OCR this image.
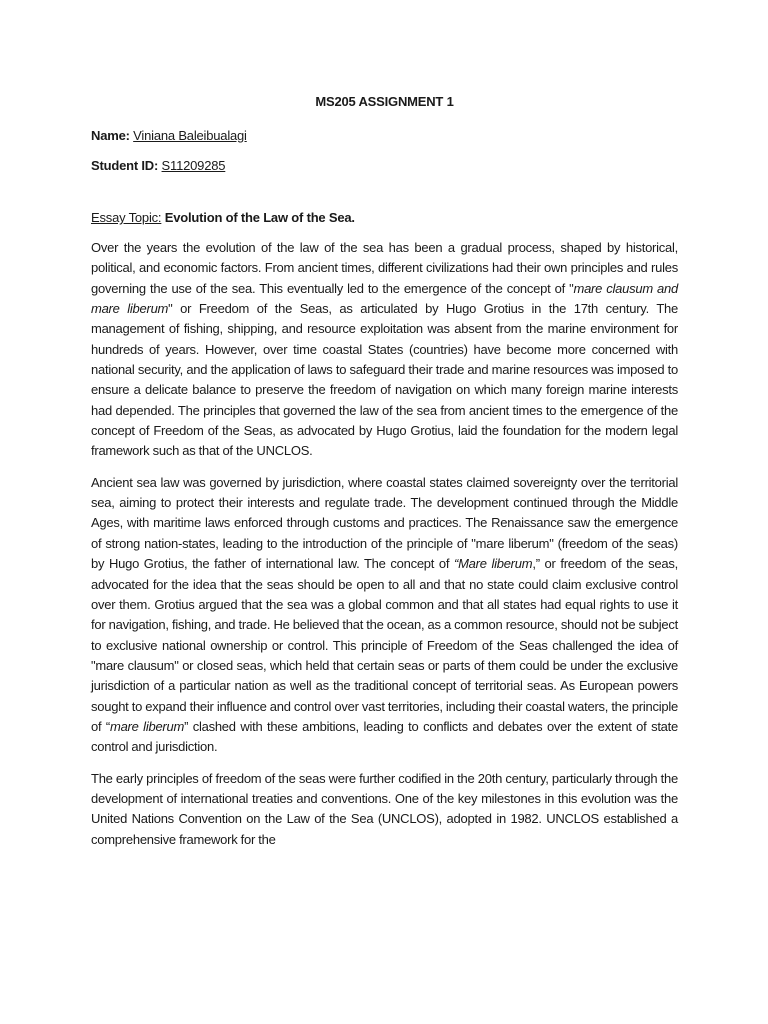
MS205 ASSIGNMENT 1
Name: Viniana Baleibualagi
Student ID: S11209285
Essay Topic: Evolution of the Law of the Sea.

Over the years the evolution of the law of the sea has been a gradual process, shaped by historical, political, and economic factors. From ancient times, different civilizations had their own principles and rules governing the use of the sea. This eventually led to the emergence of the concept of "mare clausum and mare liberum" or Freedom of the Seas, as articulated by Hugo Grotius in the 17th century. The management of fishing, shipping, and resource exploitation was absent from the marine environment for hundreds of years. However, over time coastal States (countries) have become more concerned with national security, and the application of laws to safeguard their trade and marine resources was imposed to ensure a delicate balance to preserve the freedom of navigation on which many foreign marine interests had depended. The principles that governed the law of the sea from ancient times to the emergence of the concept of Freedom of the Seas, as advocated by Hugo Grotius, laid the foundation for the modern legal framework such as that of the UNCLOS.

Ancient sea law was governed by jurisdiction, where coastal states claimed sovereignty over the territorial sea, aiming to protect their interests and regulate trade. The development continued through the Middle Ages, with maritime laws enforced through customs and practices. The Renaissance saw the emergence of strong nation-states, leading to the introduction of the principle of "mare liberum" (freedom of the seas) by Hugo Grotius, the father of international law. The concept of “Mare liberum,” or freedom of the seas, advocated for the idea that the seas should be open to all and that no state could claim exclusive control over them. Grotius argued that the sea was a global common and that all states had equal rights to use it for navigation, fishing, and trade. He believed that the ocean, as a common resource, should not be subject to exclusive national ownership or control. This principle of Freedom of the Seas challenged the idea of "mare clausum" or closed seas, which held that certain seas or parts of them could be under the exclusive jurisdiction of a particular nation as well as the traditional concept of territorial seas. As European powers sought to expand their influence and control over vast territories, including their coastal waters, the principle of “mare liberum” clashed with these ambitions, leading to conflicts and debates over the extent of state control and jurisdiction.

The early principles of freedom of the seas were further codified in the 20th century, particularly through the development of international treaties and conventions. One of the key milestones in this evolution was the United Nations Convention on the Law of the Sea (UNCLOS), adopted in 1982. UNCLOS established a comprehensive framework for the
